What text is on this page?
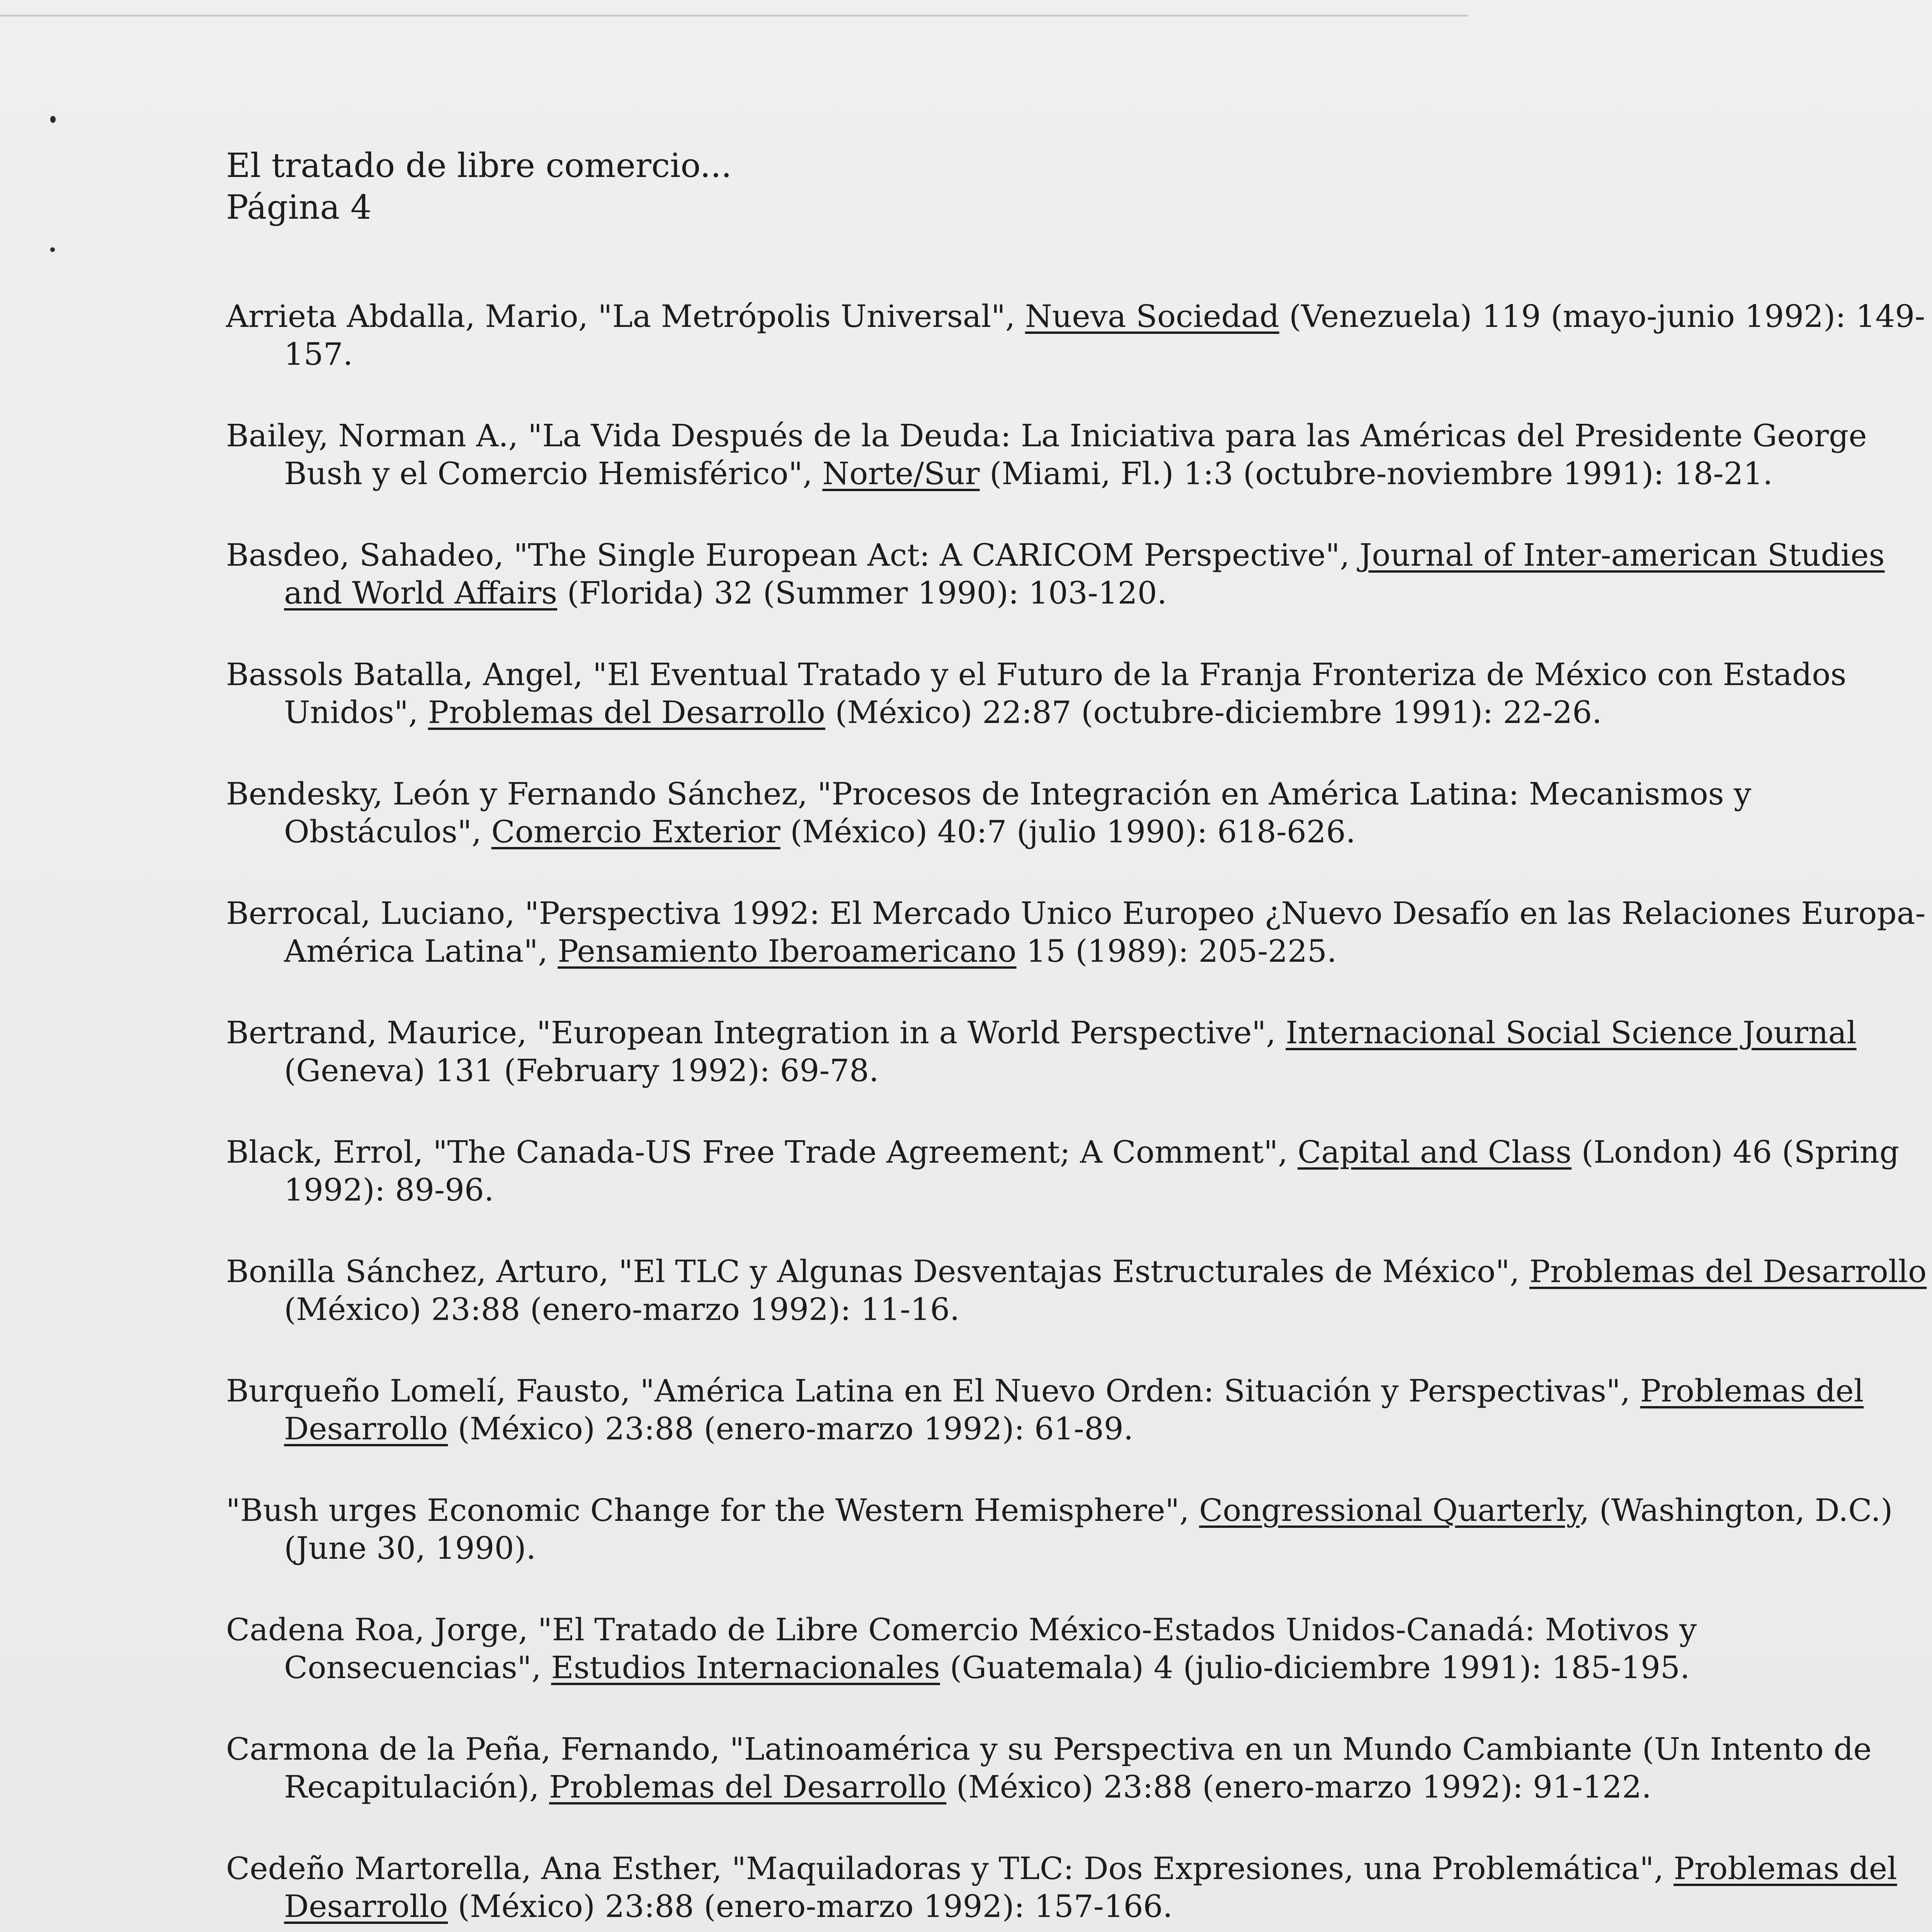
El tratado de libre comercio...
Página 4
Arrieta Abdalla, Mario, "La Metrópolis Universal", Nueva Sociedad (Venezuela) 119 (mayo-junio 1992): 149-157.
Bailey, Norman A., "La Vida Después de la Deuda: La Iniciativa para las Américas del Presidente George Bush y el Comercio Hemisférico", Norte/Sur (Miami, Fl.) 1:3 (octubre-noviembre 1991): 18-21.
Basdeo, Sahadeo, "The Single European Act: A CARICOM Perspective", Journal of Inter-american Studies and World Affairs (Florida) 32 (Summer 1990): 103-120.
Bassols Batalla, Angel, "El Eventual Tratado y el Futuro de la Franja Fronteriza de México con Estados Unidos", Problemas del Desarrollo (México) 22:87 (octubre-diciembre 1991): 22-26.
Bendesky, León y Fernando Sánchez, "Procesos de Integración en América Latina: Mecanismos y Obstáculos", Comercio Exterior (México) 40:7 (julio 1990): 618-626.
Berrocal, Luciano, "Perspectiva 1992: El Mercado Unico Europeo ¿Nuevo Desafío en las Relaciones Europa-América Latina", Pensamiento Iberoamericano 15 (1989): 205-225.
Bertrand, Maurice, "European Integration in a World Perspective", Internacional Social Science Journal (Geneva) 131 (February 1992): 69-78.
Black, Errol, "The Canada-US Free Trade Agreement; A Comment", Capital and Class (London) 46 (Spring 1992): 89-96.
Bonilla Sánchez, Arturo, "El TLC y Algunas Desventajas Estructurales de México", Problemas del Desarrollo (México) 23:88 (enero-marzo 1992): 11-16.
Burqueño Lomelí, Fausto, "América Latina en El Nuevo Orden: Situación y Perspectivas", Problemas del Desarrollo (México) 23:88 (enero-marzo 1992): 61-89.
"Bush urges Economic Change for the Western Hemisphere", Congressional Quarterly, (Washington, D.C.) (June 30, 1990).
Cadena Roa, Jorge, "El Tratado de Libre Comercio México-Estados Unidos-Canadá: Motivos y Consecuencias", Estudios Internacionales (Guatemala) 4 (julio-diciembre 1991): 185-195.
Carmona de la Peña, Fernando, "Latinoamérica y su Perspectiva en un Mundo Cambiante (Un Intento de Recapitulación), Problemas del Desarrollo (México) 23:88 (enero-marzo 1992): 91-122.
Cedeño Martorella, Ana Esther, "Maquiladoras y TLC: Dos Expresiones, una Problemática", Problemas del Desarrollo (México) 23:88 (enero-marzo 1992): 157-166.
